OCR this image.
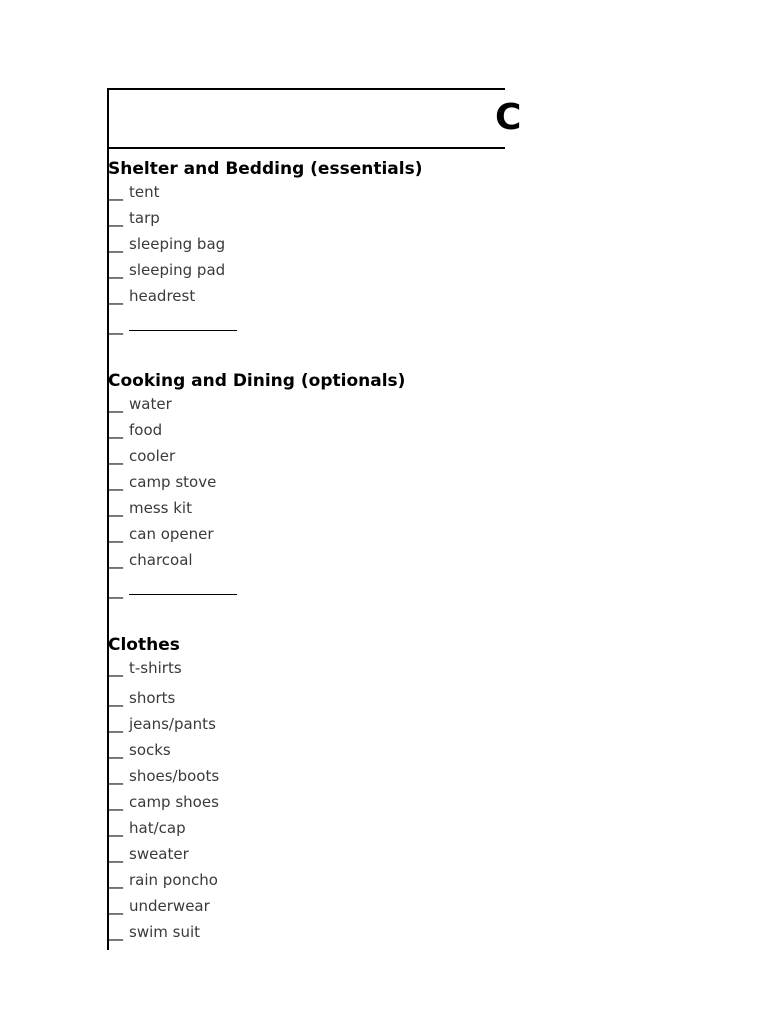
C
Shelter and Bedding (essentials)
__ tent
__ tarp
__ sleeping bag
__ sleeping pad
__ headrest
__
Cooking and Dining (optionals)
__ water
__ food
__ cooler
__ camp stove
__ mess kit
__ can opener
__ charcoal
__
Clothes
__ t-shirts
__ shorts
__ jeans/pants
__ socks
__ shoes/boots
__ camp shoes
__ hat/cap
__ sweater
__ rain poncho
__ underwear
__ swim suit
